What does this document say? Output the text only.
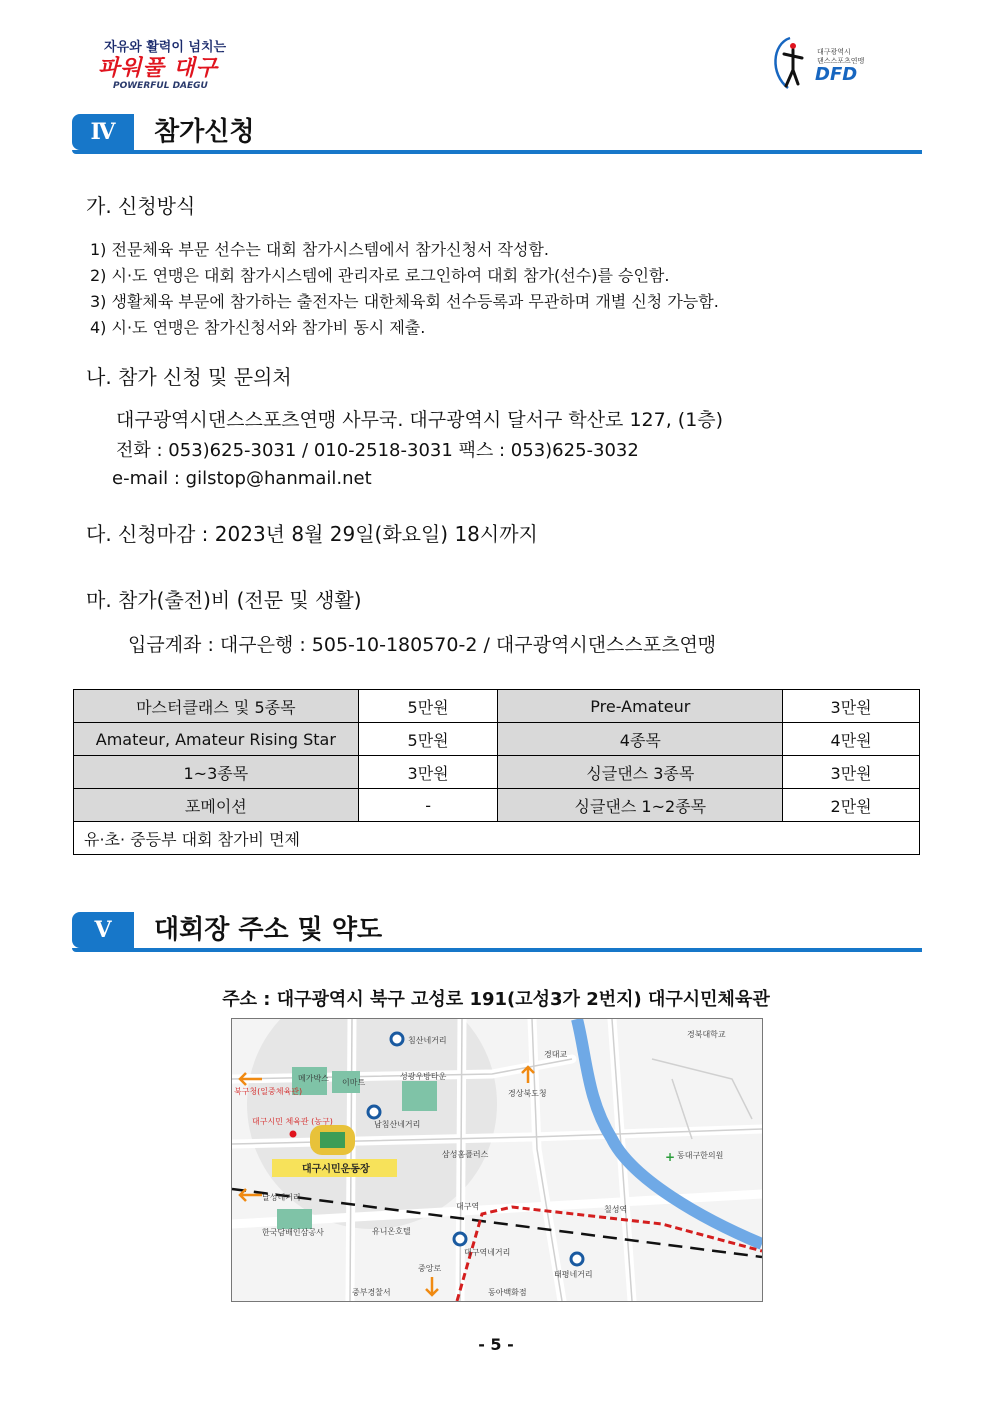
자유와 활력이 넘치는
파워풀 대구
POWERFUL DAEGU
대구광역시
댄스스포츠연맹
DFD
Ⅳ	참가신청
가. 신청방식
1) 전문체육 부문 선수는 대회 참가시스템에서 참가신청서 작성함.
2) 시·도 연맹은 대회 참가시스템에 관리자로 로그인하여 대회 참가(선수)를 승인함.
3) 생활체육 부문에 참가하는 출전자는 대한체육회 선수등록과 무관하며 개별 신청 가능함.
4) 시·도 연맹은 참가신청서와 참가비 동시 제출.
나. 참가 신청 및 문의처
대구광역시댄스스포츠연맹 사무국. 대구광역시 달서구 학산로 127, (1층)
전화 : 053)625-3031 / 010-2518-3031 팩스 : 053)625-3032
e-mail : gilstop@hanmail.net
다. 신청마감 : 2023년 8월 29일(화요일) 18시까지
마. 참가(출전)비 (전문 및 생활)
입금계좌 : 대구은행 : 505-10-180570-2 / 대구광역시댄스스포츠연맹
마스터클래스 및 5종목	5만원	Pre-Amateur	3만원
Amateur, Amateur Rising Star	5만원	4종목	4만원
1~3종목	3만원	싱글댄스 3종목	3만원
포메이션	-	싱글댄스 1~2종목	2만원
유·초· 중등부 대회 참가비 면제			
Ⅴ	대회장 주소 및 약도
주소 : 대구광역시 북구 고성로 191(고성3가 2번지) 대구시민체육관
침산네거리
경북대학교
경대교
메가박스 이마트
성광우방타운
경상북도청
북구청(일중체육관)
대구시민 체육관 (농구)	남침산네거리
삼성홈플러스
대구시민운동장
동대구한의원
달성네거리
대구역	칠성역
한국담배인삼공사	유니온호텔
대구역네거리
태평네거리
중앙로
중부경찰서	동아백화점
+
- 5 -
